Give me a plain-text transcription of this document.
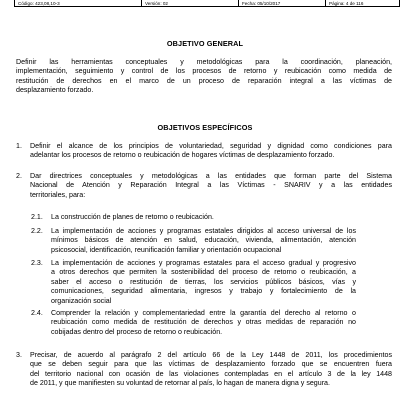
Código: 423,08,10-3	Versión: 02	Fecha: 05/10/2017	Página: 4 de 116
OBJETIVO GENERAL
Definir las herramientas conceptuales y metodológicas para la coordinación, planeación,
implementación, seguimiento y control de los procesos de retorno y reubicación como medida de
restitución de derechos en el marco de un proceso de reparación integral a las víctimas de
desplazamiento forzado.
OBJETIVOS ESPECÍFICOS
1. Definir el alcance de los principios de voluntariedad, seguridad y dignidad como condiciones para
adelantar los procesos de retorno o reubicación de hogares víctimas de desplazamiento forzado.
2. Dar directrices conceptuales y metodológicas a las entidades que forman parte del Sistema
Nacional de Atención y Reparación Integral a las Víctimas - SNARIV y a las entidades
territoriales, para:
2.1. La construcción de planes de retorno o reubicación.
2.2. La implementación de acciones y programas estatales dirigidos al acceso universal de los
mínimos básicos de atención en salud, educación, vivienda, alimentación, atención
psicosocial, identificación, reunificación familiar y orientación ocupacional
2.3. La implementación de acciones y programas estatales para el acceso gradual y progresivo
a otros derechos que permiten la sostenibilidad del proceso de retorno o reubicación, a
saber el acceso o restitución de tierras, los servicios públicos básicos, vías y
comunicaciones, seguridad alimentaria, ingresos y trabajo y fortalecimiento de la
organización social
2.4. Comprender la relación y complementariedad entre la garantía del derecho al retorno o
reubicación como medida de restitución de derechos y otras medidas de reparación no
cobijadas dentro del proceso de retorno o reubicación.
3. Precisar, de acuerdo al parágrafo 2 del artículo 66 de la Ley 1448 de 2011, los procedimientos
que se deben seguir para que las víctimas de desplazamiento forzado que se encuentren fuera
del territorio nacional con ocasión de las violaciones contempladas en el artículo 3 de la ley 1448
de 2011, y que manifiesten su voluntad de retornar al país, lo hagan de manera digna y segura.
